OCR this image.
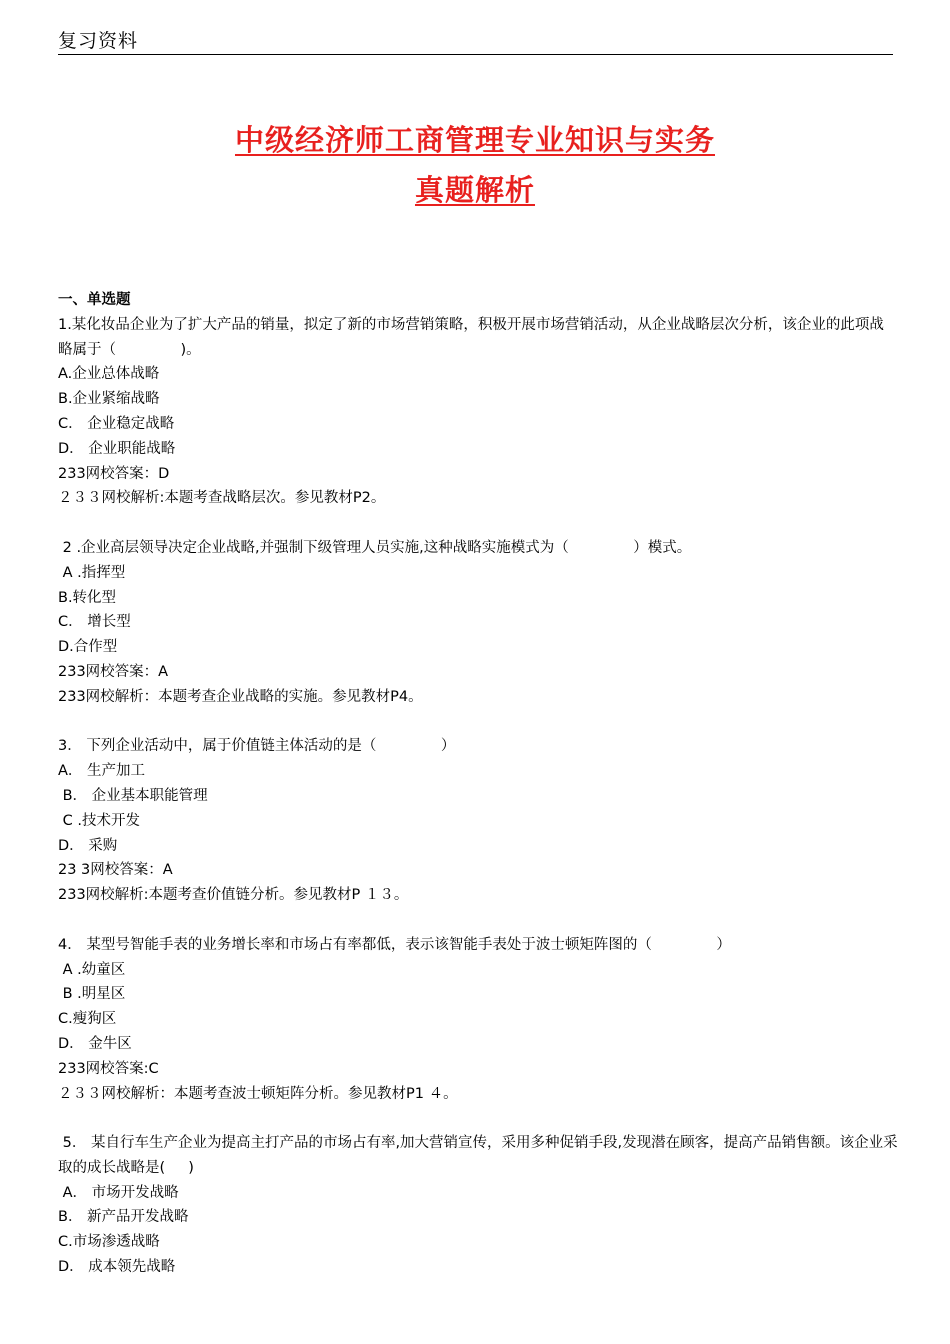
复习资料
中级经济师工商管理专业知识与实务
真题解析

一、单选题

1.某化妆品企业为了扩大产品的销量，拟定了新的市场营销策略，积极开展市场营销活动，从企业战略层次分析，该企业的此项战略属于（              )。

A.企业总体战略

B.企业紧缩战略

C． 企业稳定战略

D． 企业职能战略

233网校答案：D

２３３网校解析:本题考查战略层次。参见教材P2。

2 .企业高层领导决定企业战略,并强制下级管理人员实施,这种战略实施模式为（              ）模式。

A .指挥型

B.转化型

C． 增长型

D.合作型

233网校答案：A

233网校解析：本题考查企业战略的实施。参见教材P4。

3． 下列企业活动中，属于价值链主体活动的是（              ）

A． 生产加工

B． 企业基本职能管理

C .技术开发

D． 采购

23 3网校答案：A

233网校解析:本题考查价值链分析。参见教材P １３。

4． 某型号智能手表的业务增长率和市场占有率都低，表示该智能手表处于波士顿矩阵图的（              ）

A .幼童区

B .明星区

C.瘦狗区

D． 金牛区

233网校答案:C

２３３网校解析：本题考查波士顿矩阵分析。参见教材P1 ４。

5． 某自行车生产企业为提高主打产品的市场占有率,加大营销宣传，采用多种促销手段,发现潜在顾客，提高产品销售额。该企业采取的成长战略是(     )

A． 市场开发战略

B． 新产品开发战略

C.市场渗透战略

D． 成本领先战略
